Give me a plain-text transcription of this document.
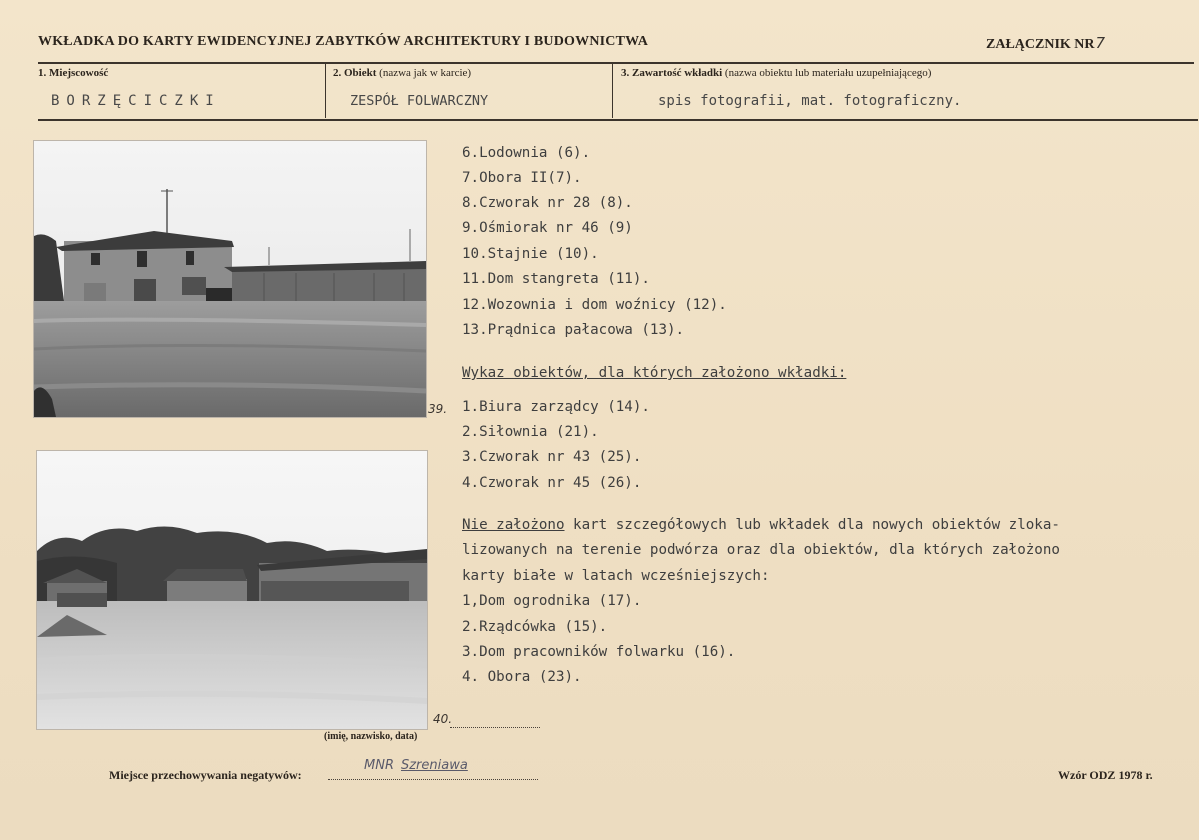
WKŁADKA DO KARTY EWIDENCYJNEJ ZABYTKÓW ARCHITEKTURY I BUDOWNICTWA	ZAŁĄCZNIK NR7
1. Miejscowość
BORZĘCICZKI
2. Obiekt (nazwa jak w karcie)
ZESPÓŁ FOLWARCZNY
3. Zawartość wkładki (nazwa obiektu lub materiału uzupełniającego)
spis fotografii, mat. fotograficzny.
39.
40.
(imię, nazwisko, data)
6.Lodownia (6).
7.Obora II(7).
8.Czworak nr 28 (8).
9.Ośmiorak nr 46 (9)
10.Stajnie (10).
11.Dom stangreta (11).
12.Wozownia i dom woźnicy (12).
13.Prądnica pałacowa (13).
Wykaz obiektów, dla których założono wkładki:
1.Biura zarządcy (14).
2.Siłownia (21).
3.Czworak nr 43 (25).
4.Czworak nr 45 (26).
Nie założono kart szczegółowych lub wkładek dla nowych obiektów zloka-
lizowanych na terenie podwórza oraz dla obiektów, dla których założono
karty białe w latach wcześniejszych:
1,Dom ogrodnika (17).
2.Rządcówka (15).
3.Dom pracowników folwarku (16).
4. Obora (23).
Miejsce przechowywania negatywów:
MNR Szreniawa
Wzór ODZ 1978 r.
